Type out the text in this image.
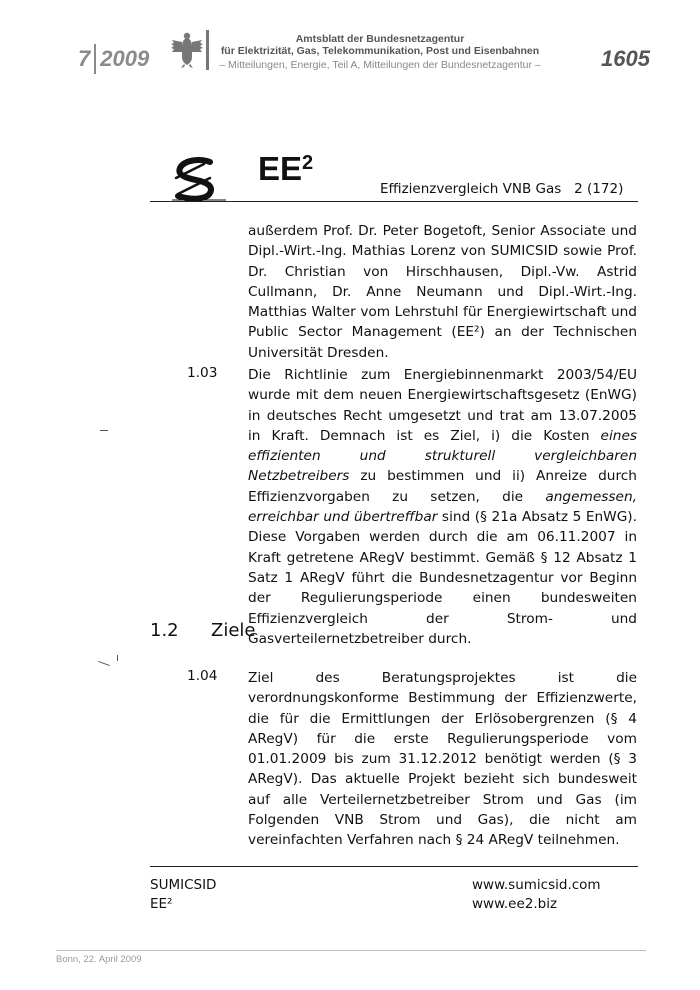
7 2009
Amtsblatt der Bundesnetzagentur
für Elektrizität, Gas, Telekommunikation, Post und Eisenbahnen
– Mitteilungen, Energie, Teil A, Mitteilungen der Bundesnetzagentur –	1605
$EE^2$
Effizienzvergleich VNB Gas   2 (172)
außerdem Prof. Dr. Peter Bogetoft, Senior Associate und Dipl.-Wirt.-Ing. Mathias Lorenz von SUMICSID sowie Prof. Dr. Christian von Hirschhausen, Dipl.-Vw. Astrid Cullmann, Dr. Anne Neumann und Dipl.-Wirt.-Ing. Matthias Walter vom Lehrstuhl für Energiewirtschaft und Public Sector Management (EE²) an der Technischen Universität Dresden.
1.03 Die Richtlinie zum Energiebinnenmarkt 2003/54/EU wurde mit dem neuen Energiewirtschaftsgesetz (EnWG) in deutsches Recht umgesetzt und trat am 13.07.2005 in Kraft. Demnach ist es Ziel, i) die Kosten eines effizienten und strukturell vergleichbaren Netzbetreibers zu bestimmen und ii) Anreize durch Effizienzvorgaben zu setzen, die angemessen, erreichbar und übertreffbar sind (§ 21a Absatz 5 EnWG). Diese Vorgaben werden durch die am 06.11.2007 in Kraft getretene ARegV bestimmt. Gemäß § 12 Absatz 1 Satz 1 ARegV führt die Bundesnetzagentur vor Beginn der Regulierungsperiode einen bundesweiten Effizienzvergleich der Strom- und Gasverteilernetzbetreiber durch.
1.2 Ziele
1.04 Ziel des Beratungsprojektes ist die verordnungskonforme Bestimmung der Effizienzwerte, die für die Ermittlungen der Erlösobergrenzen (§ 4 ARegV) für die erste Regulierungsperiode vom 01.01.2009 bis zum 31.12.2012 benötigt werden (§ 3 ARegV). Das aktuelle Projekt bezieht sich bundesweit auf alle Verteilernetzbetreiber Strom und Gas (im Folgenden VNB Strom und Gas), die nicht am vereinfachten Verfahren nach § 24 ARegV teilnehmen.
SUMICSID
EE²
www.sumicsid.com
www.ee2.biz
Bonn, 22. April 2009
